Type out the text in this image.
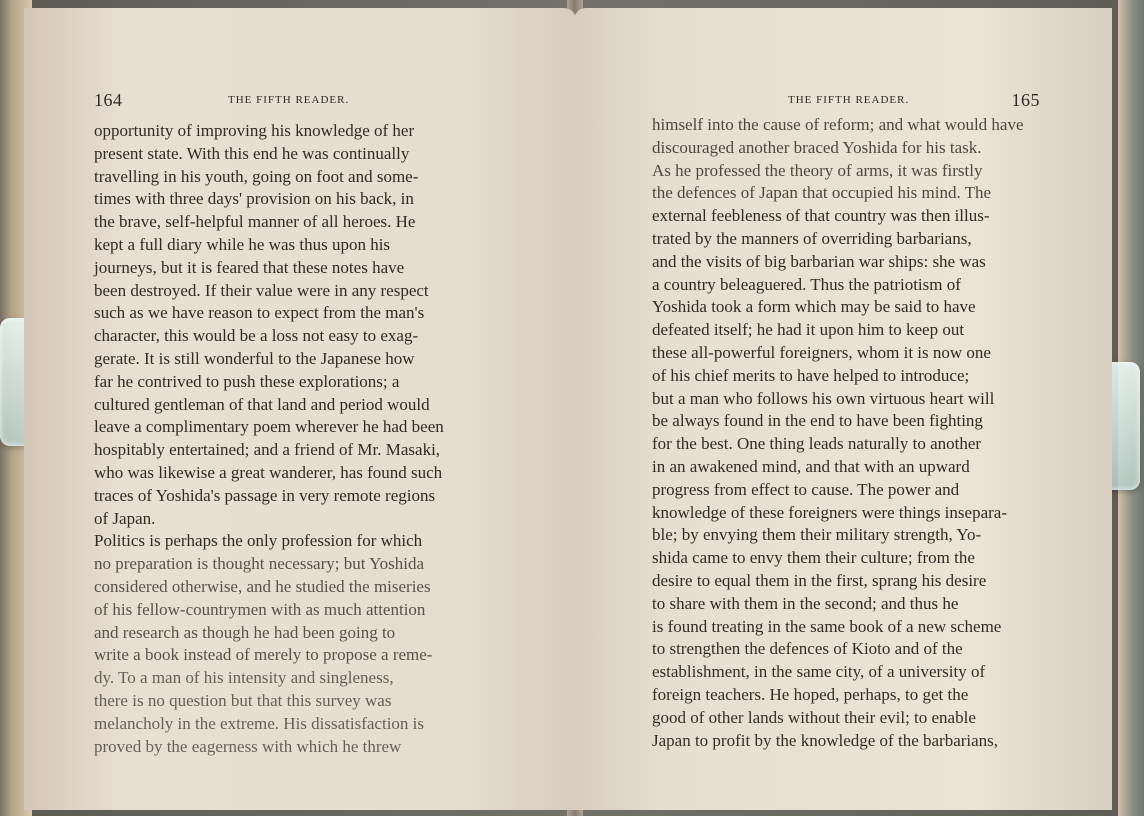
164	THE FIFTH READER.
opportunity of improving his knowledge of her
present state. With this end he was continually
travelling in his youth, going on foot and some-
times with three days' provision on his back, in
the brave, self-helpful manner of all heroes. He
kept a full diary while he was thus upon his
journeys, but it is feared that these notes have
been destroyed. If their value were in any respect
such as we have reason to expect from the man's
character, this would be a loss not easy to exag-
gerate. It is still wonderful to the Japanese how
far he contrived to push these explorations; a
cultured gentleman of that land and period would
leave a complimentary poem wherever he had been
hospitably entertained; and a friend of Mr. Masaki,
who was likewise a great wanderer, has found such
traces of Yoshida's passage in very remote regions
of Japan.
Politics is perhaps the only profession for which
no preparation is thought necessary; but Yoshida
considered otherwise, and he studied the miseries
of his fellow-countrymen with as much attention
and research as though he had been going to
write a book instead of merely to propose a reme-
dy. To a man of his intensity and singleness,
there is no question but that this survey was
melancholy in the extreme. His dissatisfaction is
proved by the eagerness with which he threw
THE FIFTH READER.	165
himself into the cause of reform; and what would have
discouraged another braced Yoshida for his task.
As he professed the theory of arms, it was firstly
the defences of Japan that occupied his mind. The
external feebleness of that country was then illus-
trated by the manners of overriding barbarians,
and the visits of big barbarian war ships: she was
a country beleaguered. Thus the patriotism of
Yoshida took a form which may be said to have
defeated itself; he had it upon him to keep out
these all-powerful foreigners, whom it is now one
of his chief merits to have helped to introduce;
but a man who follows his own virtuous heart will
be always found in the end to have been fighting
for the best. One thing leads naturally to another
in an awakened mind, and that with an upward
progress from effect to cause. The power and
knowledge of these foreigners were things insepara-
ble; by envying them their military strength, Yo-
shida came to envy them their culture; from the
desire to equal them in the first, sprang his desire
to share with them in the second; and thus he
is found treating in the same book of a new scheme
to strengthen the defences of Kioto and of the
establishment, in the same city, of a university of
foreign teachers. He hoped, perhaps, to get the
good of other lands without their evil; to enable
Japan to profit by the knowledge of the barbarians,
